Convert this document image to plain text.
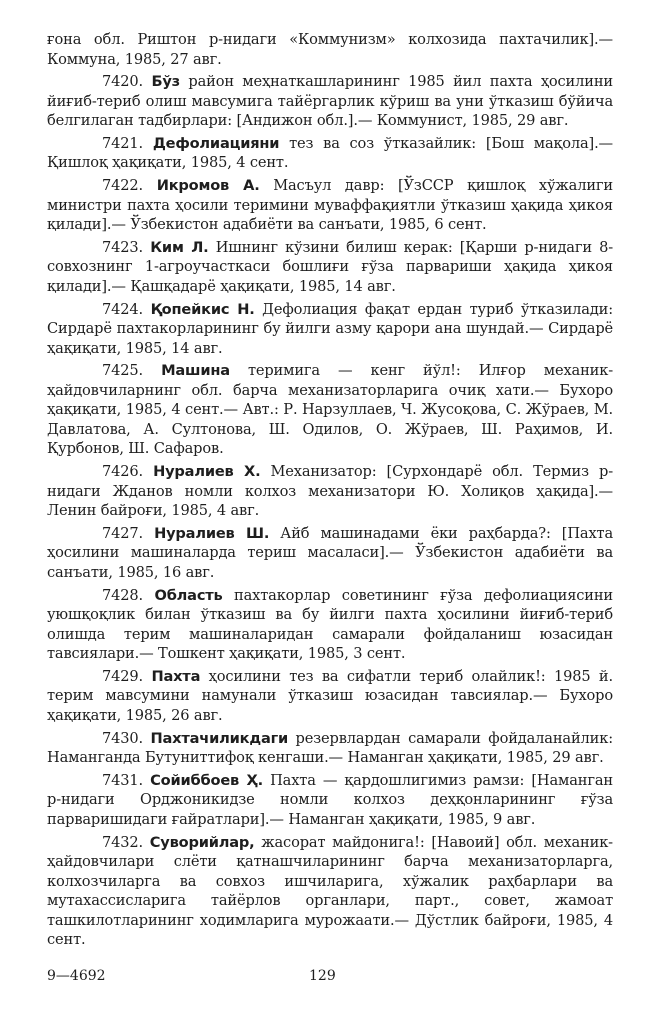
ғона обл. Риштон р-нидаги «Коммунизм» колхозида пахтачилик].— Коммуна, 1985, 27 авг.

7420. Бўз район меҳнаткашларининг 1985 йил пахта ҳосилини йиғиб-териб олиш мавсумига тайёргарлик кўриш ва уни ўтказиш бўйича белгилаган тадбирлари: [Андижон обл.].— Коммунист, 1985, 29 авг.

7421. Дефолиацияни тез ва соз ўтказайлик: [Бош мақола].— Қишлоқ ҳақиқати, 1985, 4 сент.

7422. Икромов А. Масъул давр: [ЎзССР қишлоқ хўжалиги министри пахта ҳосили теримини муваффақиятли ўтказиш ҳақида ҳикоя қилади].— Ўзбекистон адабиёти ва санъати, 1985, 6 сент.

7423. Ким Л. Ишнинг кўзини билиш керак: [Қарши р-нидаги 8-совхознинг 1-агроучасткаси бошлиғи ғўза парвариши ҳақида ҳикоя қилади].— Қашқадарё ҳақиқати, 1985, 14 авг.

7424. Қопейкис Н. Дефолиация фақат ердан туриб ўтказилади: Сирдарё пахтакорларининг бу йилги азму қарори ана шундай.— Сирдарё ҳақиқати, 1985, 14 авг.

7425. Машина теримига — кенг йўл!: Илғор механик-ҳайдовчиларнинг обл. барча механизаторларига очиқ хати.— Бухоро ҳақиқати, 1985, 4 сент.— Авт.: Р. Нарзуллаев, Ч. Жусоқова, С. Жўраев, М. Давлатова, А. Султонова, Ш. Одилов, О. Жўраев, Ш. Раҳимов, И. Қурбонов, Ш. Сафаров.

7426. Нуралиев Х. Механизатор: [Сурхондарё обл. Термиз р-нидаги Жданов номли колхоз механизатори Ю. Холиқов ҳақида].— Ленин байроғи, 1985, 4 авг.

7427. Нуралиев Ш. Айб машинадами ёки раҳбарда?: [Пахта ҳосилини машиналарда териш масаласи].— Ўзбекистон адабиёти ва санъати, 1985, 16 авг.

7428. Область пахтакорлар советининг ғўза дефолиациясини уюшқоқлик билан ўтказиш ва бу йилги пахта ҳосилини йиғиб-териб олишда терим машиналаридан самарали фойдаланиш юзасидан тавсиялари.— Тошкент ҳақиқати, 1985, 3 сент.

7429. Пахта ҳосилини тез ва сифатли териб олайлик!: 1985 й. терим мавсумини намунали ўтказиш юзасидан тавсиялар.— Бухоро ҳақиқати, 1985, 26 авг.

7430. Пахтачиликдаги резервлардан самарали фойдаланайлик: Наманганда Бутуниттифоқ кенгаши.— Наманган ҳақиқати, 1985, 29 авг.

7431. Сойиббоев Ҳ. Пахта — қардошлигимиз рамзи: [Наманган р-нидаги Орджоникидзе номли колхоз деҳқонларининг ғўза парваришидаги ғайратлари].— Наманган ҳақиқати, 1985, 9 авг.

7432. Суворийлар, жасорат майдонига!: [Навоий] обл. механик-ҳайдовчилари слёти қатнашчиларининг барча механизаторларга, колхозчиларга ва совхоз ишчиларига, хўжалик раҳбарлари ва мутахассисларига тайёрлов органлари, парт., совет, жамоат ташкилотларининг ходимларига мурожаати.— Дўстлик байроғи, 1985, 4 сент.

9—4692	129
